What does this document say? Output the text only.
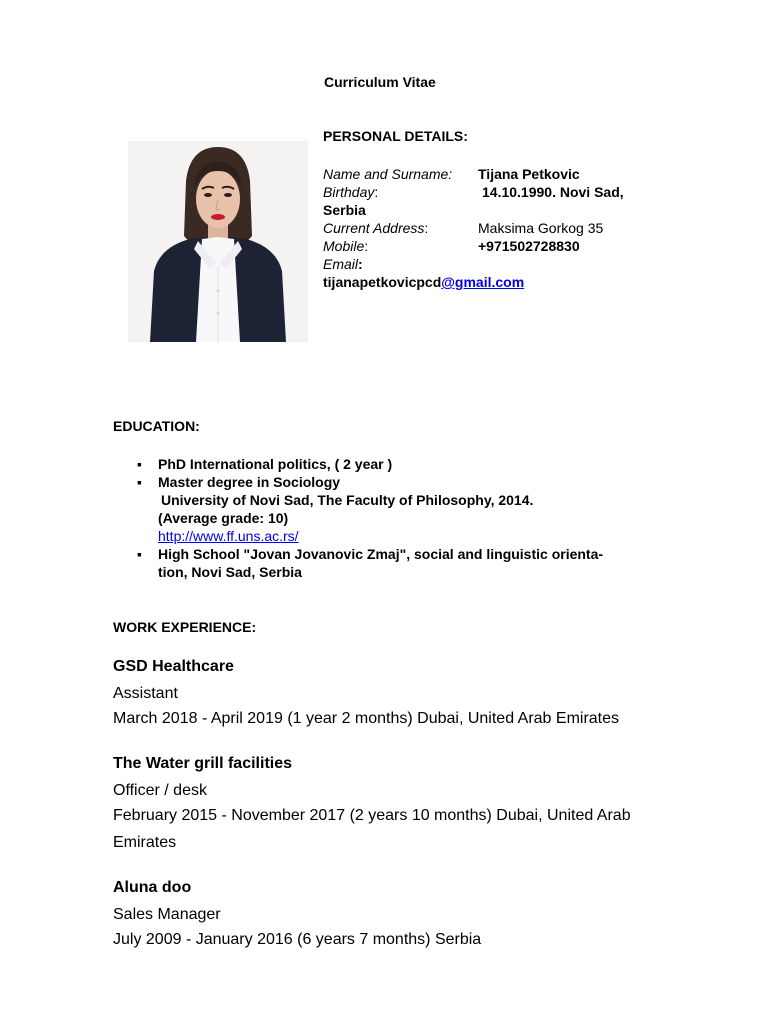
Curriculum Vitae
PERSONAL DETAILS:
Name and Surname: Tijana Petkovic
Birthday:	14.10.1990. Novi Sad,
Serbia
Current Address:	Maksima Gorkog 35
Mobile:	+971502728830
Email:
tijanapetkovicpcd@gmail.com
EDUCATION:
▪ PhD International politics, ( 2 year )
▪ Master degree in Sociology
University of Novi Sad, The Faculty of Philosophy, 2014.
(Average grade: 10)
http://www.ff.uns.ac.rs/
▪ High School "Jovan Jovanovic Zmaj", social and linguistic orienta-
tion, Novi Sad, Serbia
WORK EXPERIENCE:
GSD Healthcare
Assistant
March 2018 - April 2019 (1 year 2 months) Dubai, United Arab Emirates
The Water grill facilities
Officer / desk
February 2015 - November 2017 (2 years 10 months) Dubai, United Arab
Emirates
Aluna doo
Sales Manager
July 2009 - January 2016 (6 years 7 months) Serbia
